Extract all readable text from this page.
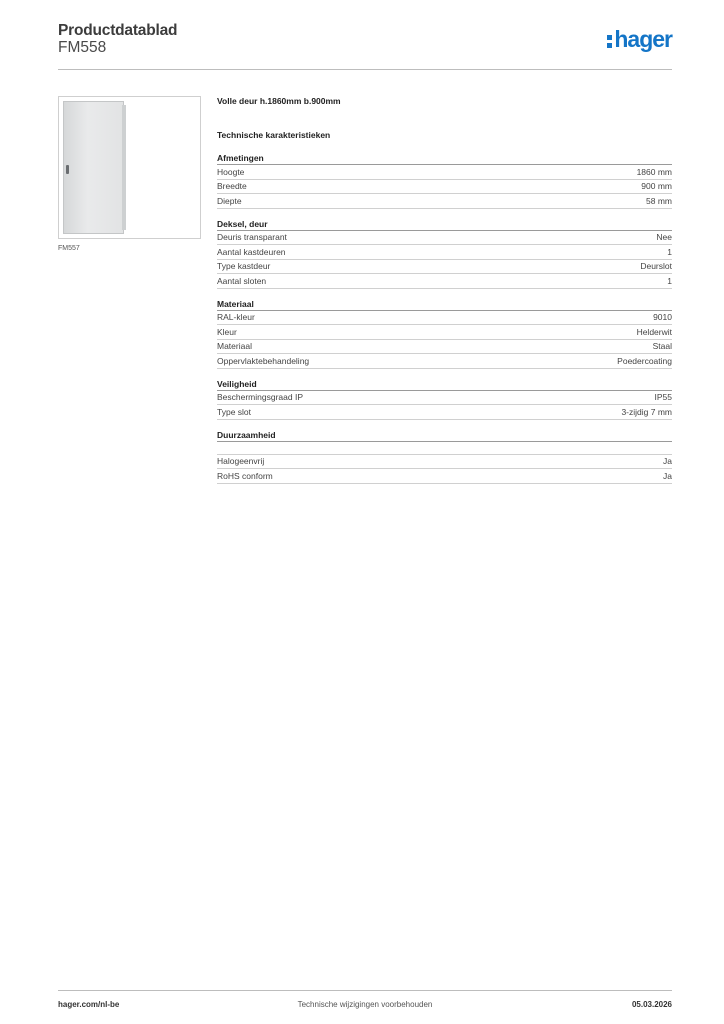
Productdatablad
FM558	hager
FM557
Volle deur h.1860mm b.900mm
Technische karakteristieken
Afmetingen
Hoogte	1860 mm
Breedte	900 mm
Diepte	58 mm
Deksel, deur
Deuris transparant	Nee
Aantal kastdeuren	1
Type kastdeur	Deurslot
Aantal sloten	1
Materiaal
RAL-kleur	9010
Kleur	Helderwit
Materiaal	Staal
Oppervlaktebehandeling	Poedercoating
Veiligheid
Beschermingsgraad IP	IP55
Type slot	3-zijdig 7 mm
Duurzaamheid
Halogeenvrij	Ja
RoHS conform	Ja
hager.com/nl-be	Technische wijzigingen voorbehouden	05.03.2026
